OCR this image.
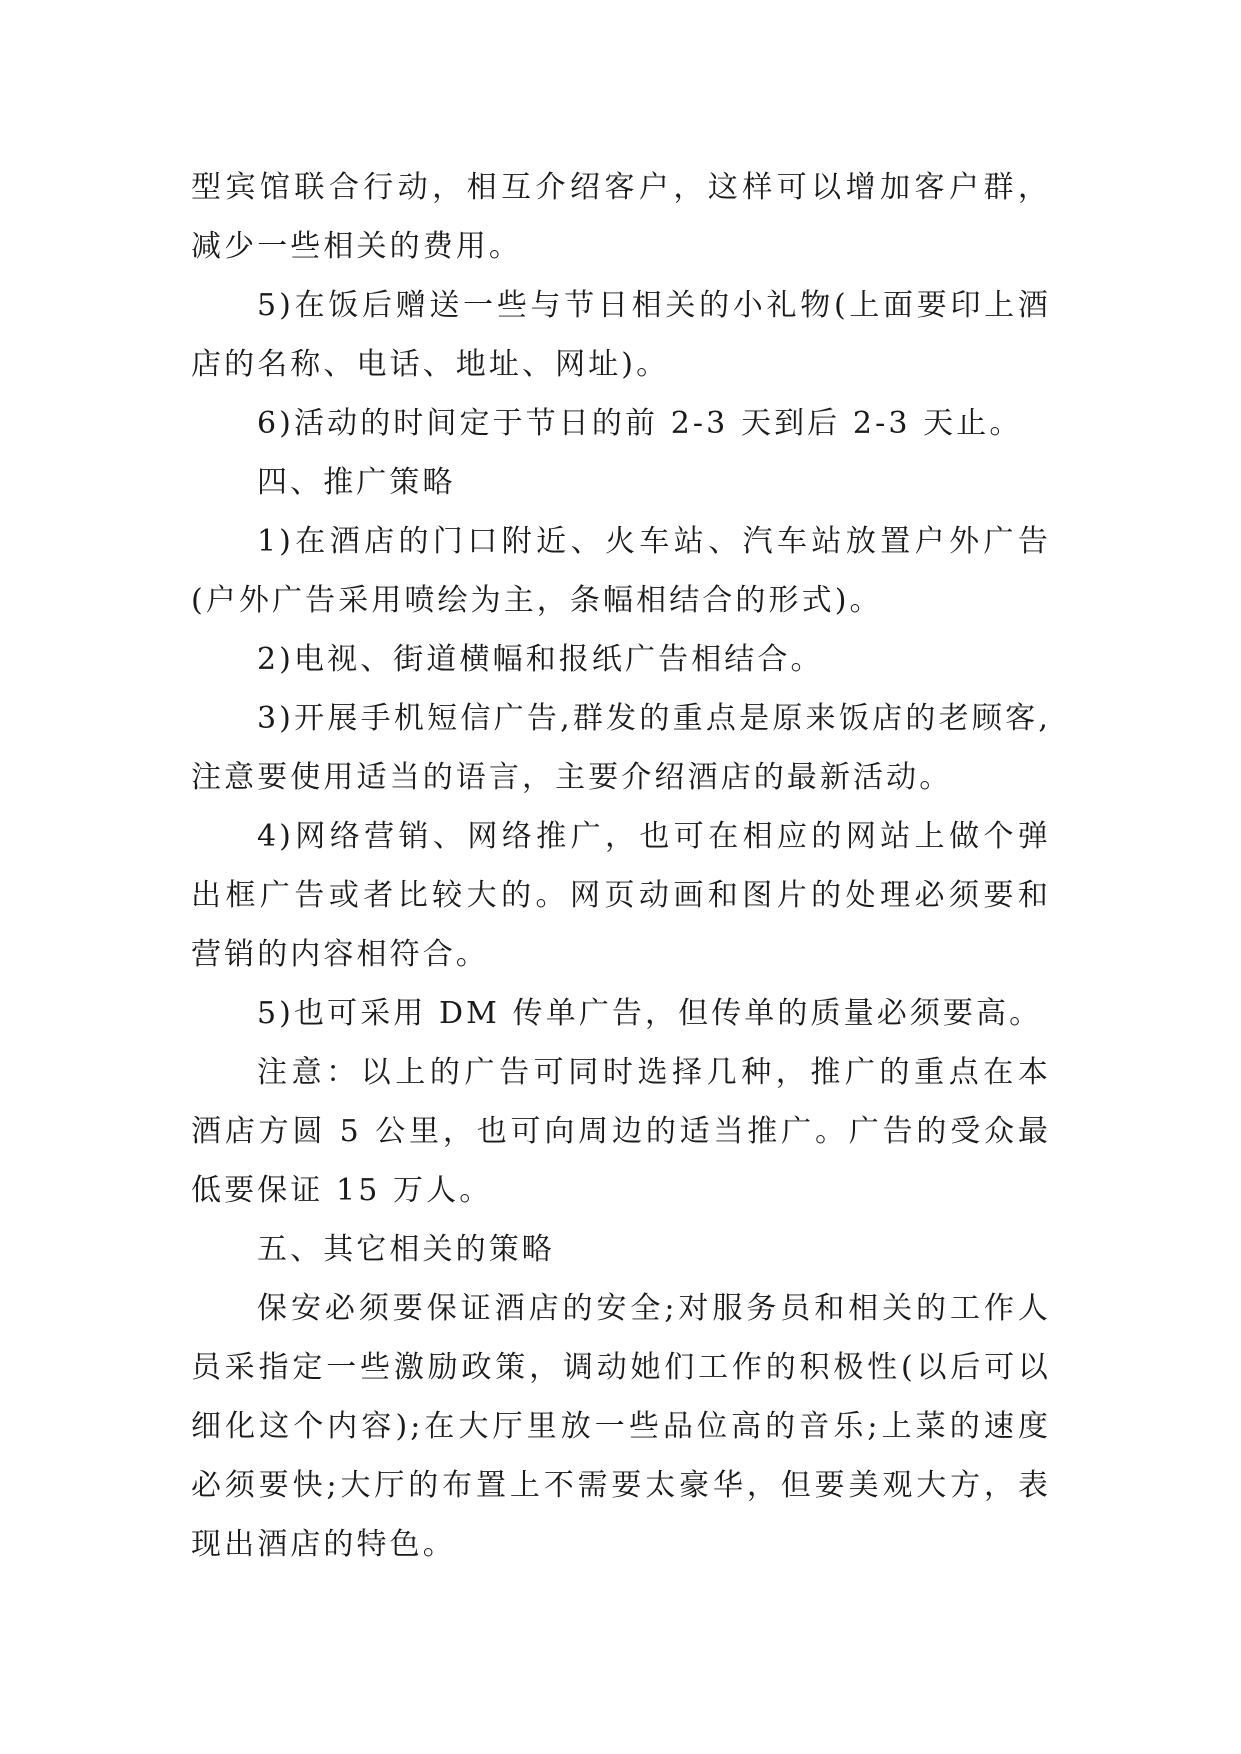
型宾馆联合行动，相互介绍客户，这样可以增加客户群，减少一些相关的费用。

5)在饭后赠送一些与节日相关的小礼物(上面要印上酒店的名称、电话、地址、网址)。

6)活动的时间定于节日的前 2-3 天到后 2-3 天止。

四、推广策略

1)在酒店的门口附近、火车站、汽车站放置户外广告(户外广告采用喷绘为主，条幅相结合的形式)。

2)电视、街道横幅和报纸广告相结合。

3)开展手机短信广告,群发的重点是原来饭店的老顾客,注意要使用适当的语言，主要介绍酒店的最新活动。

4)网络营销、网络推广，也可在相应的网站上做个弹出框广告或者比较大的。网页动画和图片的处理必须要和营销的内容相符合。

5)也可采用 DM 传单广告，但传单的质量必须要高。

注意：以上的广告可同时选择几种，推广的重点在本酒店方圆 5 公里，也可向周边的适当推广。广告的受众最低要保证 15 万人。

五、其它相关的策略

保安必须要保证酒店的安全;对服务员和相关的工作人员采指定一些激励政策，调动她们工作的积极性(以后可以细化这个内容);在大厅里放一些品位高的音乐;上菜的速度必须要快;大厅的布置上不需要太豪华，但要美观大方，表现出酒店的特色。
